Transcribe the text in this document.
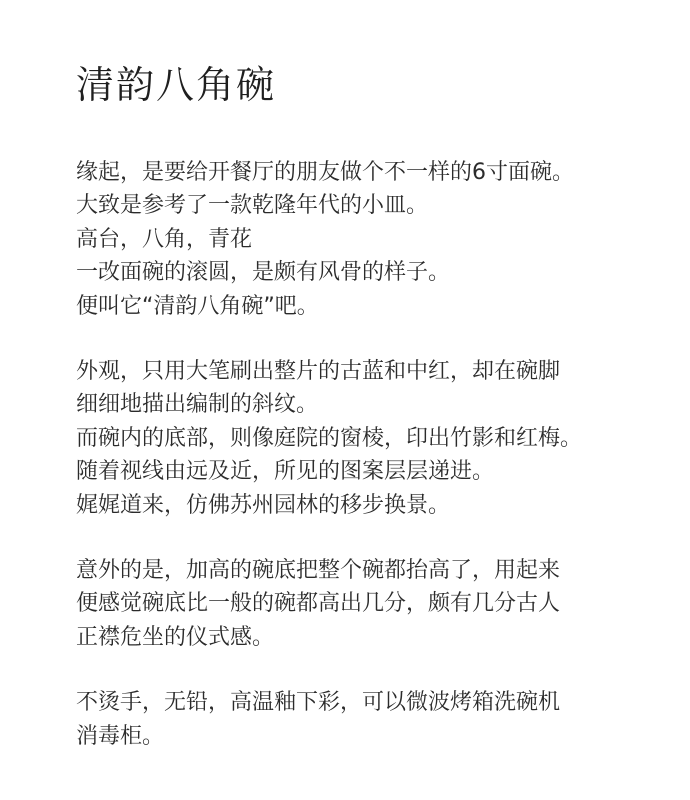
清韵八角碗
缘起，是要给开餐厅的朋友做个不一样的6寸面碗。
大致是参考了一款乾隆年代的小皿。
高台，八角，青花
一改面碗的滚圆，是颇有风骨的样子。
便叫它“清韵八角碗”吧。
外观，只用大笔刷出整片的古蓝和中红，却在碗脚
细细地描出编制的斜纹。
而碗内的底部，则像庭院的窗棱，印出竹影和红梅。
随着视线由远及近，所见的图案层层递进。
娓娓道来，仿佛苏州园林的移步换景。
意外的是，加高的碗底把整个碗都抬高了，用起来
便感觉碗底比一般的碗都高出几分，颇有几分古人
正襟危坐的仪式感。
不烫手，无铅，高温釉下彩，可以微波烤箱洗碗机
消毒柜。
